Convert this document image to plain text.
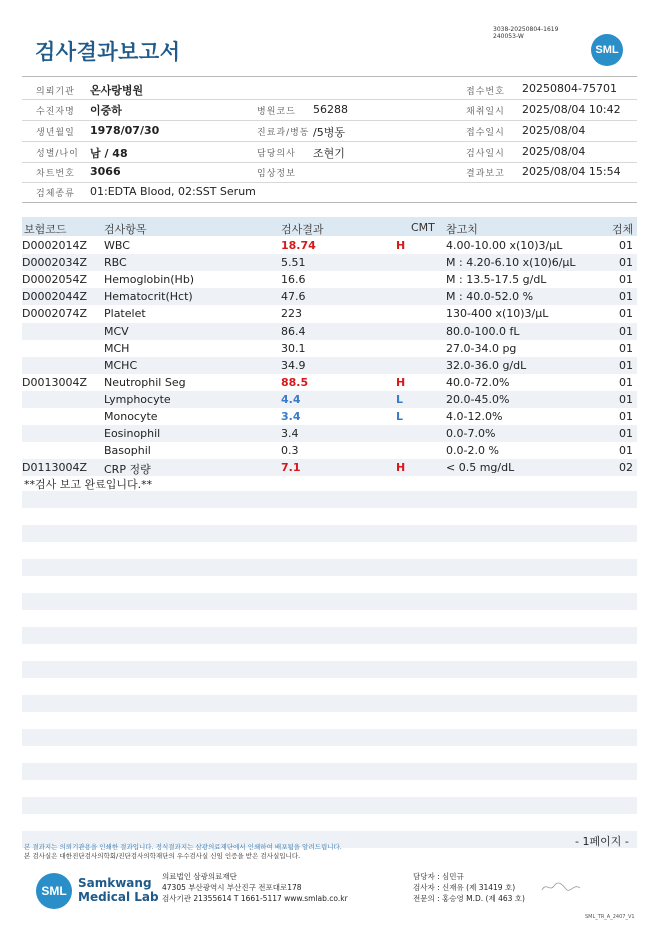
검사결과보고서
3038-20250804-1619
240053-W
SML
의뢰기관 온사랑병원	접수번호 20250804-75701
수진자명 이중하	병원코드 56288	채취일시 2025/08/04 10:42
생년월일 1978/07/30	진료과/병동 /5병동	접수일시 2025/08/04
성별/나이 남 / 48	담당의사 조현기	검사일시 2025/08/04
차트번호 3066	임상정보	결과보고 2025/08/04 15:54
검체종류 01:EDTA Blood, 02:SST Serum
보험코드	검사항목	검사결과	CMT 참고치	검체
D0002014Z WBC	18.74	H	4.00-10.00 x(10)3/μL	01
D0002034Z RBC	5.51	M : 4.20-6.10 x(10)6/μL	01
D0002054Z Hemoglobin(Hb)	16.6	M : 13.5-17.5 g/dL	01
D0002044Z Hematocrit(Hct)	47.6	M : 40.0-52.0 %	01
D0002074Z Platelet	223	130-400 x(10)3/μL	01
MCV	86.4	80.0-100.0 fL	01
MCH	30.1	27.0-34.0 pg	01
MCHC	34.9	32.0-36.0 g/dL	01
D0013004Z Neutrophil Seg	88.5	H	40.0-72.0%	01
Lymphocyte	4.4	L	20.0-45.0%	01
Monocyte	3.4	L	4.0-12.0%	01
Eosinophil	3.4	0.0-7.0%	01
Basophil	0.3	0.0-2.0 %	01
D0113004Z CRP 정량	7.1	H	< 0.5 mg/dL	02
**검사 보고 완료입니다.**
- 1페이지 -
본 결과지는 의뢰기관용을 인쇄한 결과입니다. 정식결과지는 삼광의료재단에서 인쇄하여 배포됨을 알려드립니다.
본 검사실은 대한진단검사의학회/진단검사의학재단의 우수검사실 신임 인증을 받은 검사실입니다.
SML
Samkwang
Medical Lab
의료법인 삼광의료재단
47305 부산광역시 부산진구 전포대로178
검사기관 21355614 T 1661-5117 www.smlab.co.kr
담당자 : 심민규
검사자 : 신재유 (제 31419 호)
전문의 : 홍승영 M.D. (제 463 호)
SML_TR_A_2407_V1
